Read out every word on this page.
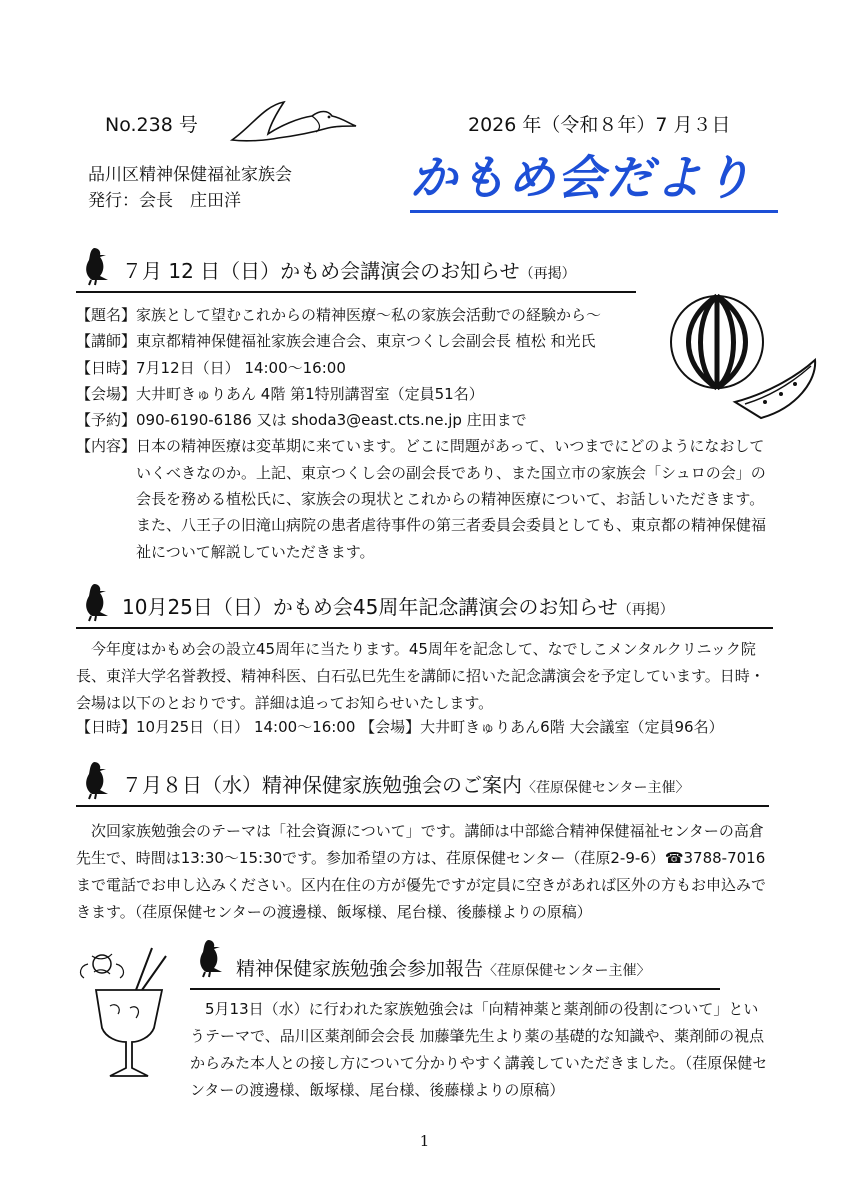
No.238 号	2026 年（令和８年）7 月３日
品川区精神保健福祉家族会
発行：会長　庄田洋	かもめ会だより
７月 12 日（日）かもめ会講演会のお知らせ（再掲）
【題名】家族として望むこれからの精神医療～私の家族会活動での経験から～
【講師】東京都精神保健福祉家族会連合会、東京つくし会副会長 植松 和光氏
【日時】7月12日（日） 14:00～16:00
【会場】大井町きゅりあん 4階 第1特別講習室（定員51名）
【予約】090-6190-6186 又は shoda3@east.cts.ne.jp 庄田まで
【内容】 日本の精神医療は変革期に来ています。どこに問題があって、いつまでにどのようになおしていくべきなのか。上記、東京つくし会の副会長であり、また国立市の家族会「シュロの会」の会長を務める植松氏に、家族会の現状とこれからの精神医療について、お話しいただきます。また、八王子の旧滝山病院の患者虐待事件の第三者委員会委員としても、東京都の精神保健福祉について解説していただきます。
10月25日（日）かもめ会45周年記念講演会のお知らせ（再掲）
今年度はかもめ会の設立45周年に当たります。45周年を記念して、なでしこメンタルクリニック院長、東洋大学名誉教授、精神科医、白石弘巳先生を講師に招いた記念講演会を予定しています。日時・会場は以下のとおりです。詳細は追ってお知らせいたします。
【日時】10月25日（日） 14:00～16:00 【会場】大井町きゅりあん6階 大会議室（定員96名）
７月８日（水）精神保健家族勉強会のご案内〈荏原保健センター主催〉
次回家族勉強会のテーマは「社会資源について」です。講師は中部総合精神保健福祉センターの高倉先生で、時間は13:30～15:30です。参加希望の方は、荏原保健センター（荏原2-9-6）☎3788-7016まで電話でお申し込みください。区内在住の方が優先ですが定員に空きがあれば区外の方もお申込みできます。（荏原保健センターの渡邊様、飯塚様、尾台様、後藤様よりの原稿）
精神保健家族勉強会参加報告〈荏原保健センター主催〉
5月13日（水）に行われた家族勉強会は「向精神薬と薬剤師の役割について」というテーマで、品川区薬剤師会会長 加藤肇先生より薬の基礎的な知識や、薬剤師の視点からみた本人との接し方について分かりやすく講義していただきました。（荏原保健センターの渡邊様、飯塚様、尾台様、後藤様よりの原稿）
1
